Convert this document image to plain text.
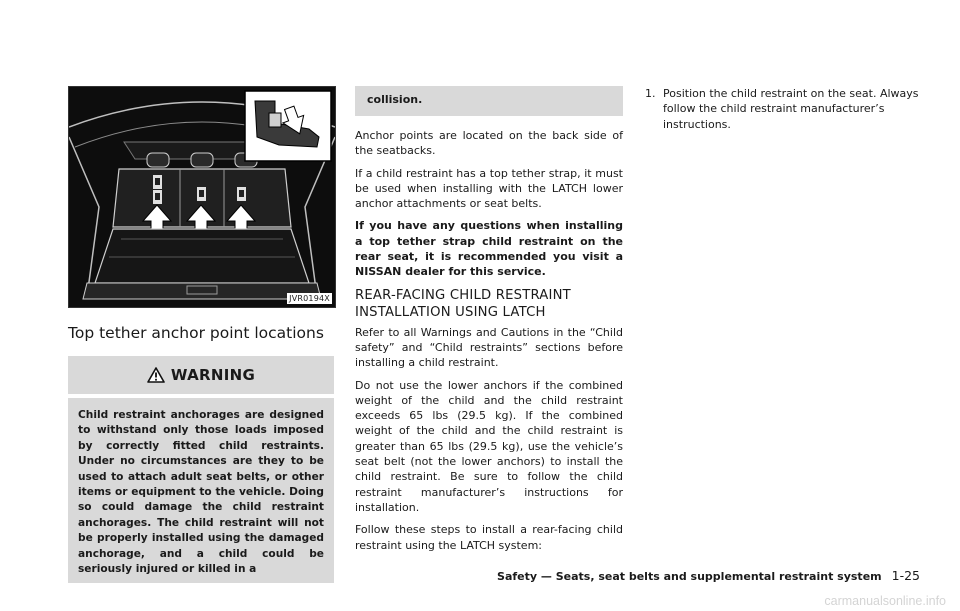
JVR0194X
Top tether anchor point locations
WARNING

Child restraint anchorages are designed to withstand only those loads imposed by correctly fitted child restraints. Under no circumstances are they to be used to attach adult seat belts, or other items or equipment to the vehicle. Doing so could damage the child restraint anchorages. The child restraint will not be properly installed using the damaged anchorage, and a child could be seriously injured or killed in a

collision.

Anchor points are located on the back side of the seatbacks.

If a child restraint has a top tether strap, it must be used when installing with the LATCH lower anchor attachments or seat belts.

If you have any questions when installing a top tether strap child restraint on the rear seat, it is recommended you visit a NISSAN dealer for this service.

REAR-FACING CHILD RESTRAINT
INSTALLATION USING LATCH

Refer to all Warnings and Cautions in the “Child safety” and “Child restraints” sections before installing a child restraint.

Do not use the lower anchors if the combined weight of the child and the child restraint exceeds 65 lbs (29.5 kg). If the combined weight of the child and the child restraint is greater than 65 lbs (29.5 kg), use the vehicle’s seat belt (not the lower anchors) to install the child restraint. Be sure to follow the child restraint manufacturer’s instructions for installation.

Follow these steps to install a rear-facing child restraint using the LATCH system:

1. Position the child restraint on the seat. Always follow the child restraint manufacturer’s instructions.
Safety — Seats, seat belts and supplemental restraint system 1-25
carmanualsonline.info
